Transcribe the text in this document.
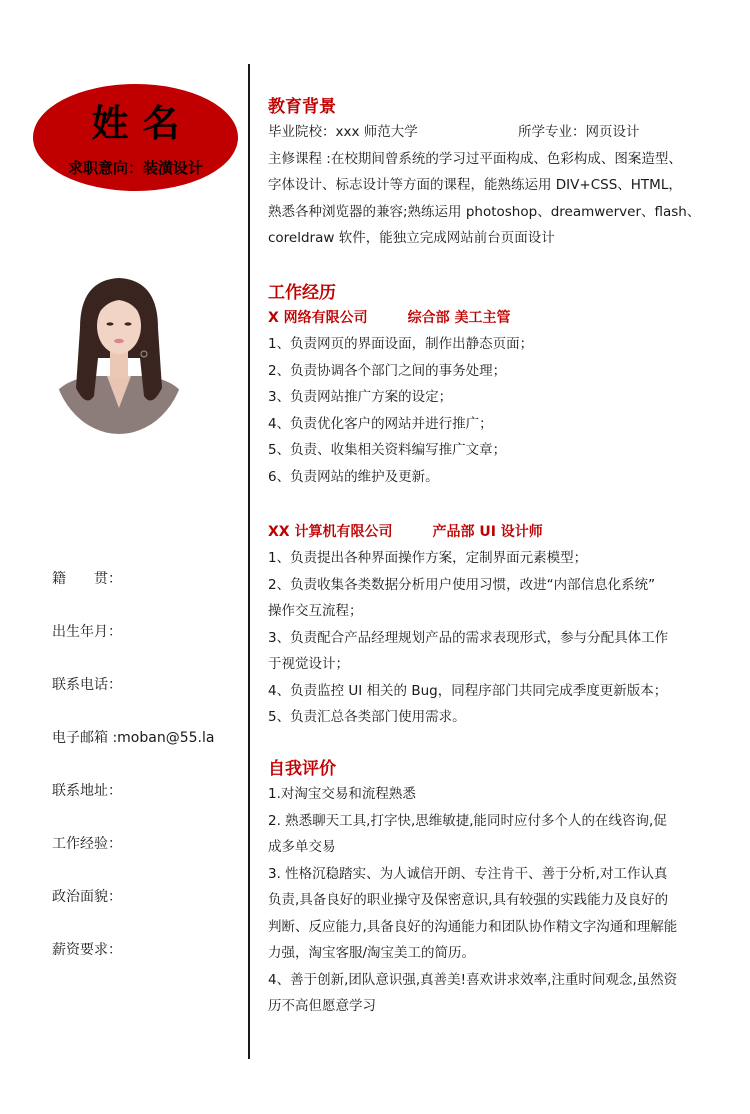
姓名
求职意向：装潢设计
籍　　贯：
出生年月：
联系电话：
电子邮箱 :moban@55.la
联系地址：
工作经验：
政治面貌：
薪资要求：
教育背景
毕业院校：xxx 师范大学	所学专业：网页设计
主修课程 :在校期间曾系统的学习过平面构成、色彩构成、图案造型、
字体设计、标志设计等方面的课程，能熟练运用 DIV+CSS、HTML，
熟悉各种浏览器的兼容;熟练运用 photoshop、dreamwerver、flash、
coreldraw 软件，能独立完成网站前台页面设计
工作经历
X 网络有限公司	综合部 美工主管
1、负责网页的界面设面，制作出静态页面；
2、负责协调各个部门之间的事务处理；
3、负责网站推广方案的设定；
4、负责优化客户的网站并进行推广；
5、负责、收集相关资料编写推广文章；
6、负责网站的维护及更新。
XX 计算机有限公司	产品部 UI 设计师
1、负责提出各种界面操作方案，定制界面元素模型；
2、负责收集各类数据分析用户使用习惯，改进“内部信息化系统”
操作交互流程；
3、负责配合产品经理规划产品的需求表现形式，参与分配具体工作
于视觉设计；
4、负责监控 UI 相关的 Bug，同程序部门共同完成季度更新版本；
5、负责汇总各类部门使用需求。
自我评价
1.对淘宝交易和流程熟悉
2. 熟悉聊天工具,打字快,思维敏捷,能同时应付多个人的在线咨询,促
成多单交易
3. 性格沉稳踏实、为人诚信开朗、专注肯干、善于分析,对工作认真
负责,具备良好的职业操守及保密意识,具有较强的实践能力及良好的
判断、反应能力,具备良好的沟通能力和团队协作精文字沟通和理解能
力强，淘宝客服/淘宝美工的简历。
4、善于创新,团队意识强,真善美!喜欢讲求效率,注重时间观念,虽然资
历不高但愿意学习
